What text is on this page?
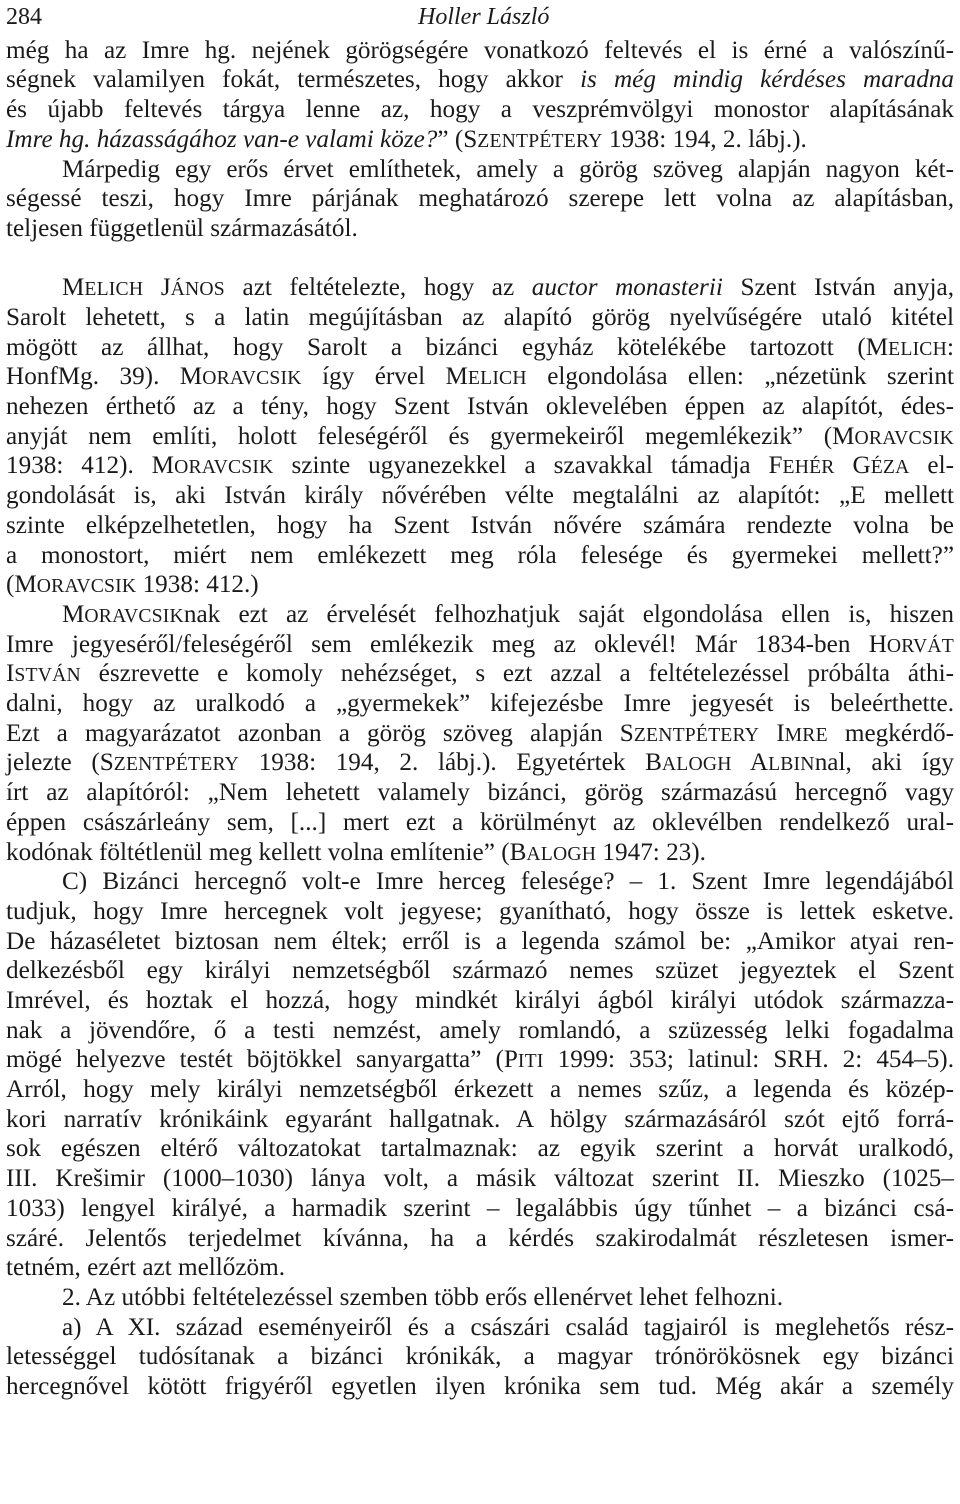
284	Holler László
még ha az Imre hg. nejének görögségére vonatkozó feltevés el is érné a valószínű-
ségnek valamilyen fokát, természetes, hogy akkor is még mindig kérdéses maradna
és újabb feltevés tárgya lenne az, hogy a veszprémvölgyi monostor alapításának
Imre hg. házasságához van-e valami köze?” (SZENTPÉTERY 1938: 194, 2. lábj.).
Márpedig egy erős érvet említhetek, amely a görög szöveg alapján nagyon két-
ségessé teszi, hogy Imre párjának meghatározó szerepe lett volna az alapításban,
teljesen függetlenül származásától.
MELICH JÁNOS azt feltételezte, hogy az auctor monasterii Szent István anyja,
Sarolt lehetett, s a latin megújításban az alapító görög nyelvűségére utaló kitétel
mögött az állhat, hogy Sarolt a bizánci egyház kötelékébe tartozott (MELICH:
HonfMg. 39). MORAVCSIK így érvel MELICH elgondolása ellen: „nézetünk szerint
nehezen érthető az a tény, hogy Szent István oklevelében éppen az alapítót, édes-
anyját nem említi, holott feleségéről és gyermekeiről megemlékezik” (MORAVCSIK
1938: 412). MORAVCSIK szinte ugyanezekkel a szavakkal támadja FEHÉR GÉZA el-
gondolását is, aki István király nővérében vélte megtalálni az alapítót: „E mellett
szinte elképzelhetetlen, hogy ha Szent István nővére számára rendezte volna be
a monostort, miért nem emlékezett meg róla felesége és gyermekei mellett?”
(MORAVCSIK 1938: 412.)
MORAVCSIKnak ezt az érvelését felhozhatjuk saját elgondolása ellen is, hiszen
Imre jegyeséről/feleségéről sem emlékezik meg az oklevél! Már 1834-ben HORVÁT
ISTVÁN észrevette e komoly nehézséget, s ezt azzal a feltételezéssel próbálta áthi-
dalni, hogy az uralkodó a „gyermekek” kifejezésbe Imre jegyesét is beleérthette.
Ezt a magyarázatot azonban a görög szöveg alapján SZENTPÉTERY IMRE megkérdő-
jelezte (SZENTPÉTERY 1938: 194, 2. lábj.). Egyetértek BALOGH ALBINnal, aki így
írt az alapítóról: „Nem lehetett valamely bizánci, görög származású hercegnő vagy
éppen császárleány sem, [...] mert ezt a körülményt az oklevélben rendelkező ural-
kodónak föltétlenül meg kellett volna említenie” (BALOGH 1947: 23).
C) Bizánci hercegnő volt-e Imre herceg felesége? – 1. Szent Imre legendájából
tudjuk, hogy Imre hercegnek volt jegyese; gyanítható, hogy össze is lettek esketve.
De házaséletet biztosan nem éltek; erről is a legenda számol be: „Amikor atyai ren-
delkezésből egy királyi nemzetségből származó nemes szüzet jegyeztek el Szent
Imrével, és hoztak el hozzá, hogy mindkét királyi ágból királyi utódok származza-
nak a jövendőre, ő a testi nemzést, amely romlandó, a szüzesség lelki fogadalma
mögé helyezve testét böjtökkel sanyargatta” (PITI 1999: 353; latinul: SRH. 2: 454–5).
Arról, hogy mely királyi nemzetségből érkezett a nemes szűz, a legenda és közép-
kori narratív krónikáink egyaránt hallgatnak. A hölgy származásáról szót ejtő forrá-
sok egészen eltérő változatokat tartalmaznak: az egyik szerint a horvát uralkodó,
III. Krešimir (1000–1030) lánya volt, a másik változat szerint II. Mieszko (1025–
1033) lengyel királyé, a harmadik szerint – legalábbis úgy tűnhet – a bizánci csá-
száré. Jelentős terjedelmet kívánna, ha a kérdés szakirodalmát részletesen ismer-
tetném, ezért azt mellőzöm.
2. Az utóbbi feltételezéssel szemben több erős ellenérvet lehet felhozni.
a) A XI. század eseményeiről és a császári család tagjairól is meglehetős rész-
letességgel tudósítanak a bizánci krónikák, a magyar trónörökösnek egy bizánci
hercegnővel kötött frigyéről egyetlen ilyen krónika sem tud. Még akár a személy
